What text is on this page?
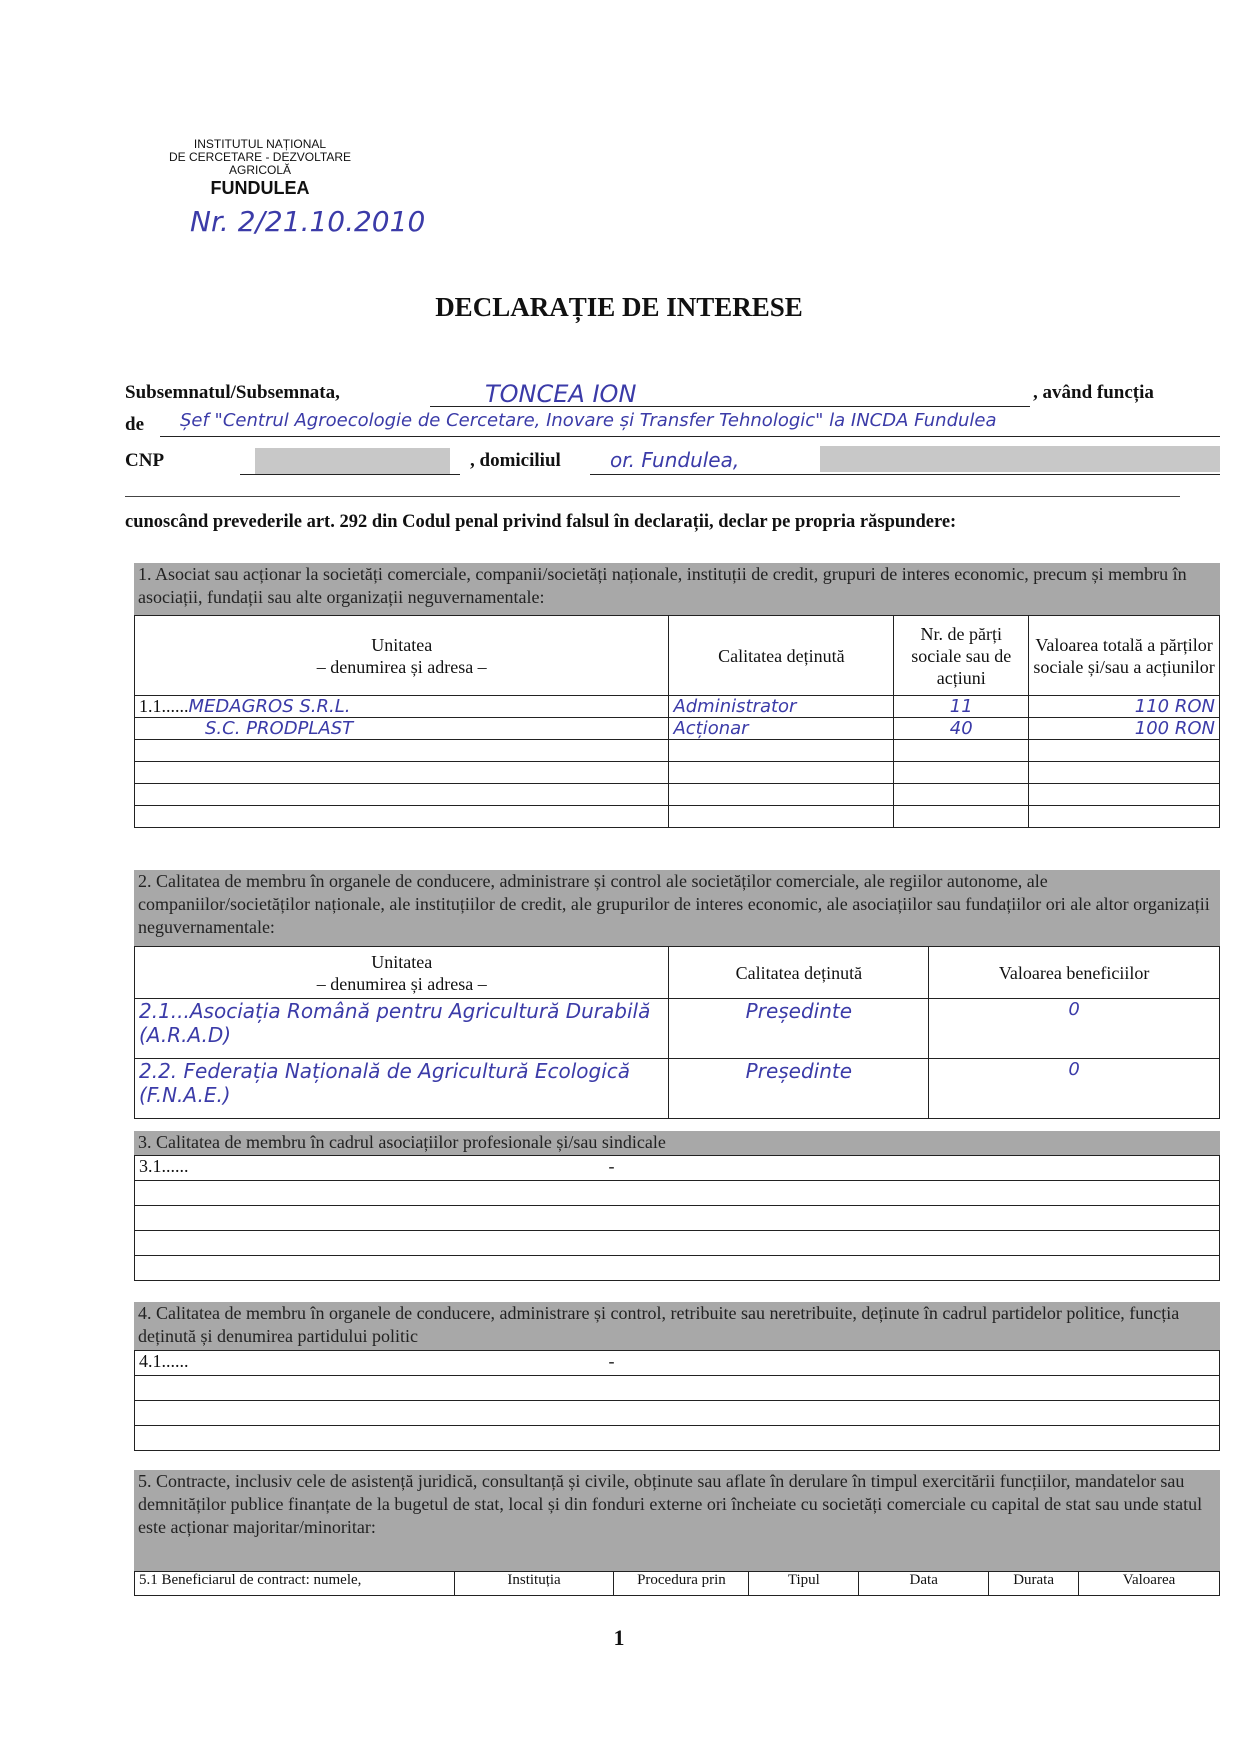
INSTITUTUL NAȚIONAL
DE CERCETARE - DEZVOLTARE
AGRICOLĂ
FUNDULEA
Nr. 2/21.10.2010
DECLARAȚIE DE INTERESE
Subsemnatul/Subsemnata,	TONCEA ION	, având funcția
de	Șef "Centrul Agroecologie de Cercetare, Inovare și Transfer Tehnologic" la INCDA Fundulea
CNP	, domiciliul	or. Fundulea,
cunoscând prevederile art. 292 din Codul penal privind falsul în declarații, declar pe propria răspundere:
1. Asociat sau acționar la societăți comerciale, companii/societăți naționale, instituții de credit, grupuri de interes economic, precum și membru în asociații, fundații sau alte organizații neguvernamentale:
Unitatea
– denumirea și adresa –	Calitatea deținută	Nr. de părți sociale sau de acțiuni	Valoarea totală a părților sociale și/sau a acțiunilor
1.1......MEDAGROS S.R.L.	Administrator	11	110 RON
S.C. PRODPLAST	Acționar	40	100 RON

2. Calitatea de membru în organele de conducere, administrare și control ale societăților comerciale, ale regiilor autonome, ale companiilor/societăților naționale, ale instituțiilor de credit, ale grupurilor de interes economic, ale asociațiilor sau fundațiilor ori ale altor organizații neguvernamentale:
Unitatea
– denumirea și adresa –	Calitatea deținută	Valoarea beneficiilor
2.1...Asociația Română pentru Agricultură Durabilă (A.R.A.D)	Președinte	0
2.2. Federația Națională de Agricultură Ecologică (F.N.A.E.)	Președinte	0
3. Calitatea de membru în cadrul asociațiilor profesionale și/sau sindicale
3.1......	-

4. Calitatea de membru în organele de conducere, administrare și control, retribuite sau neretribuite, deținute în cadrul partidelor politice, funcția deținută și denumirea partidului politic
4.1......	-

5. Contracte, inclusiv cele de asistență juridică, consultanță și civile, obținute sau aflate în derulare în timpul exercitării funcțiilor, mandatelor sau demnităților publice finanțate de la bugetul de stat, local și din fonduri externe ori încheiate cu societăți comerciale cu capital de stat sau unde statul este acționar majoritar/minoritar:
5.1 Beneficiarul de contract: numele,	Instituția	Procedura prin	Tipul	Data	Durata	Valoarea
1
